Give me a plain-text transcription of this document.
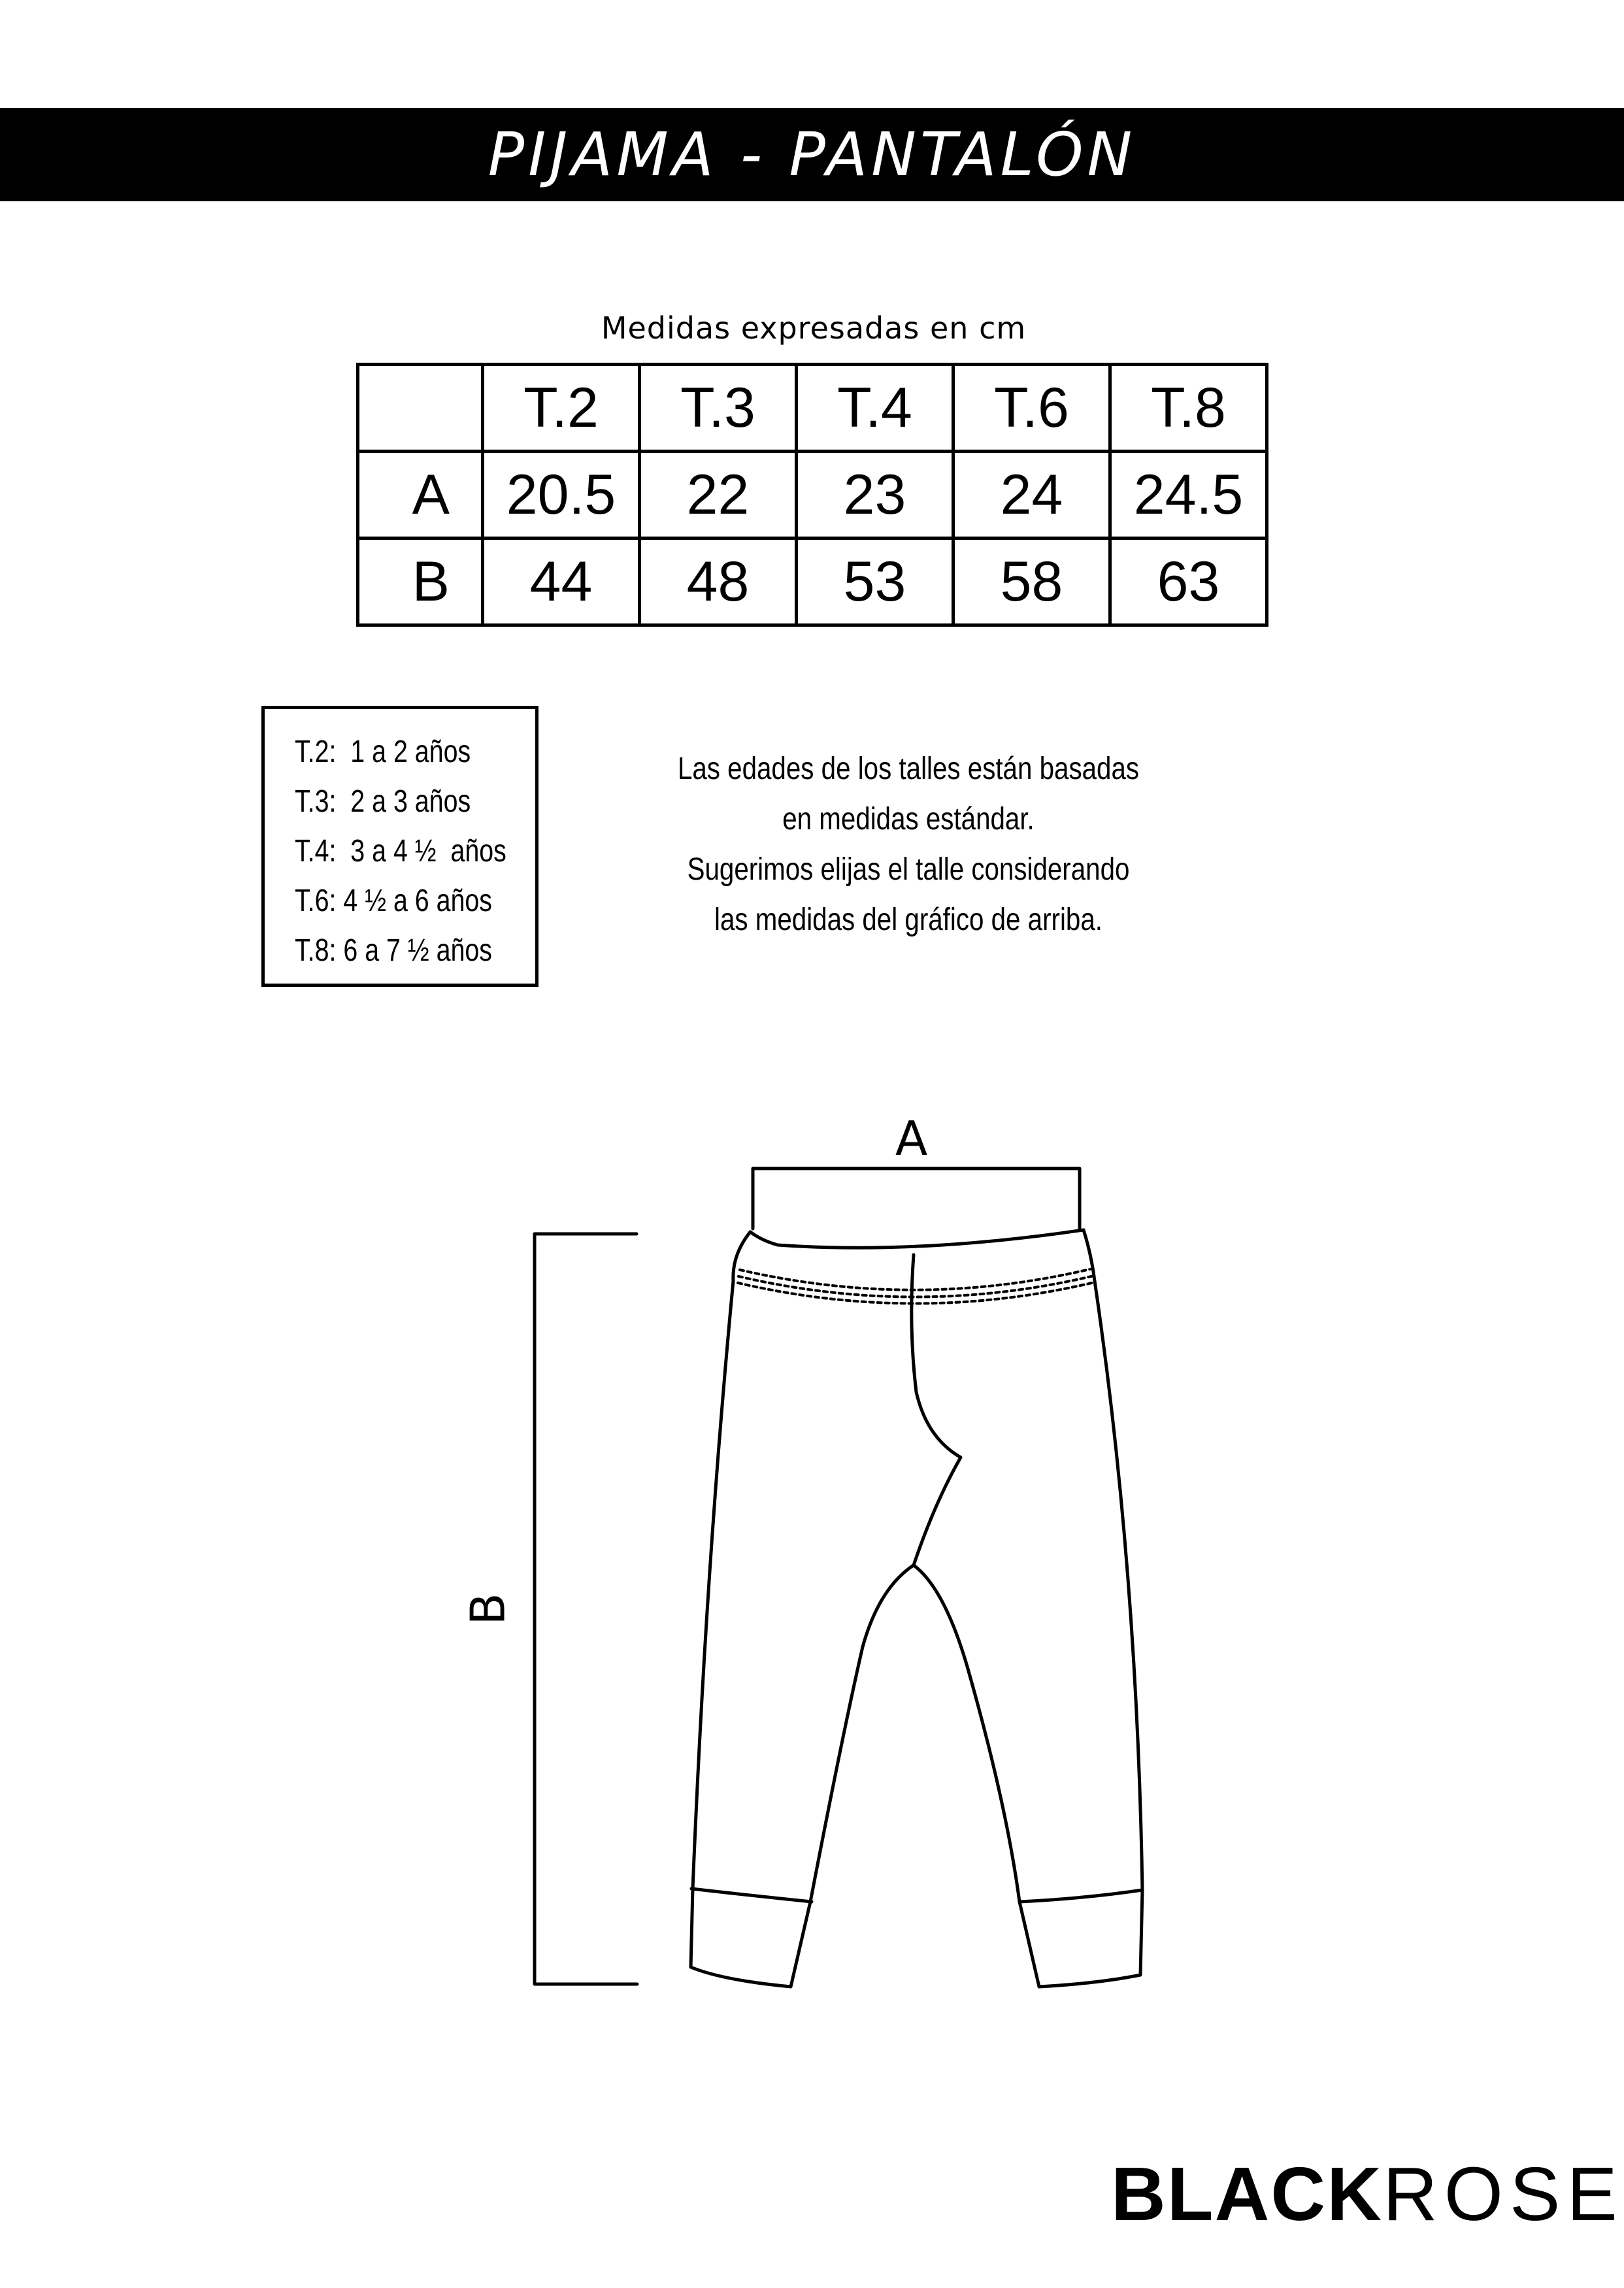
PIJAMA - PANTALÓN
Medidas expresadas en cm
	T.2	T.3	T.4	T.6	T.8
A	20.5	22	23	24	24.5
B	44	48	53	58	63
T.2:  1 a 2 años
T.3:  2 a 3 años
T.4:  3 a 4 ½  años
T.6: 4 ½ a 6 años
T.8: 6 a 7 ½ años
Las edades de los talles están basadas
en medidas estándar.
Sugerimos elijas el talle considerando
las medidas del gráfico de arriba.
A
B
BLACKROSE
